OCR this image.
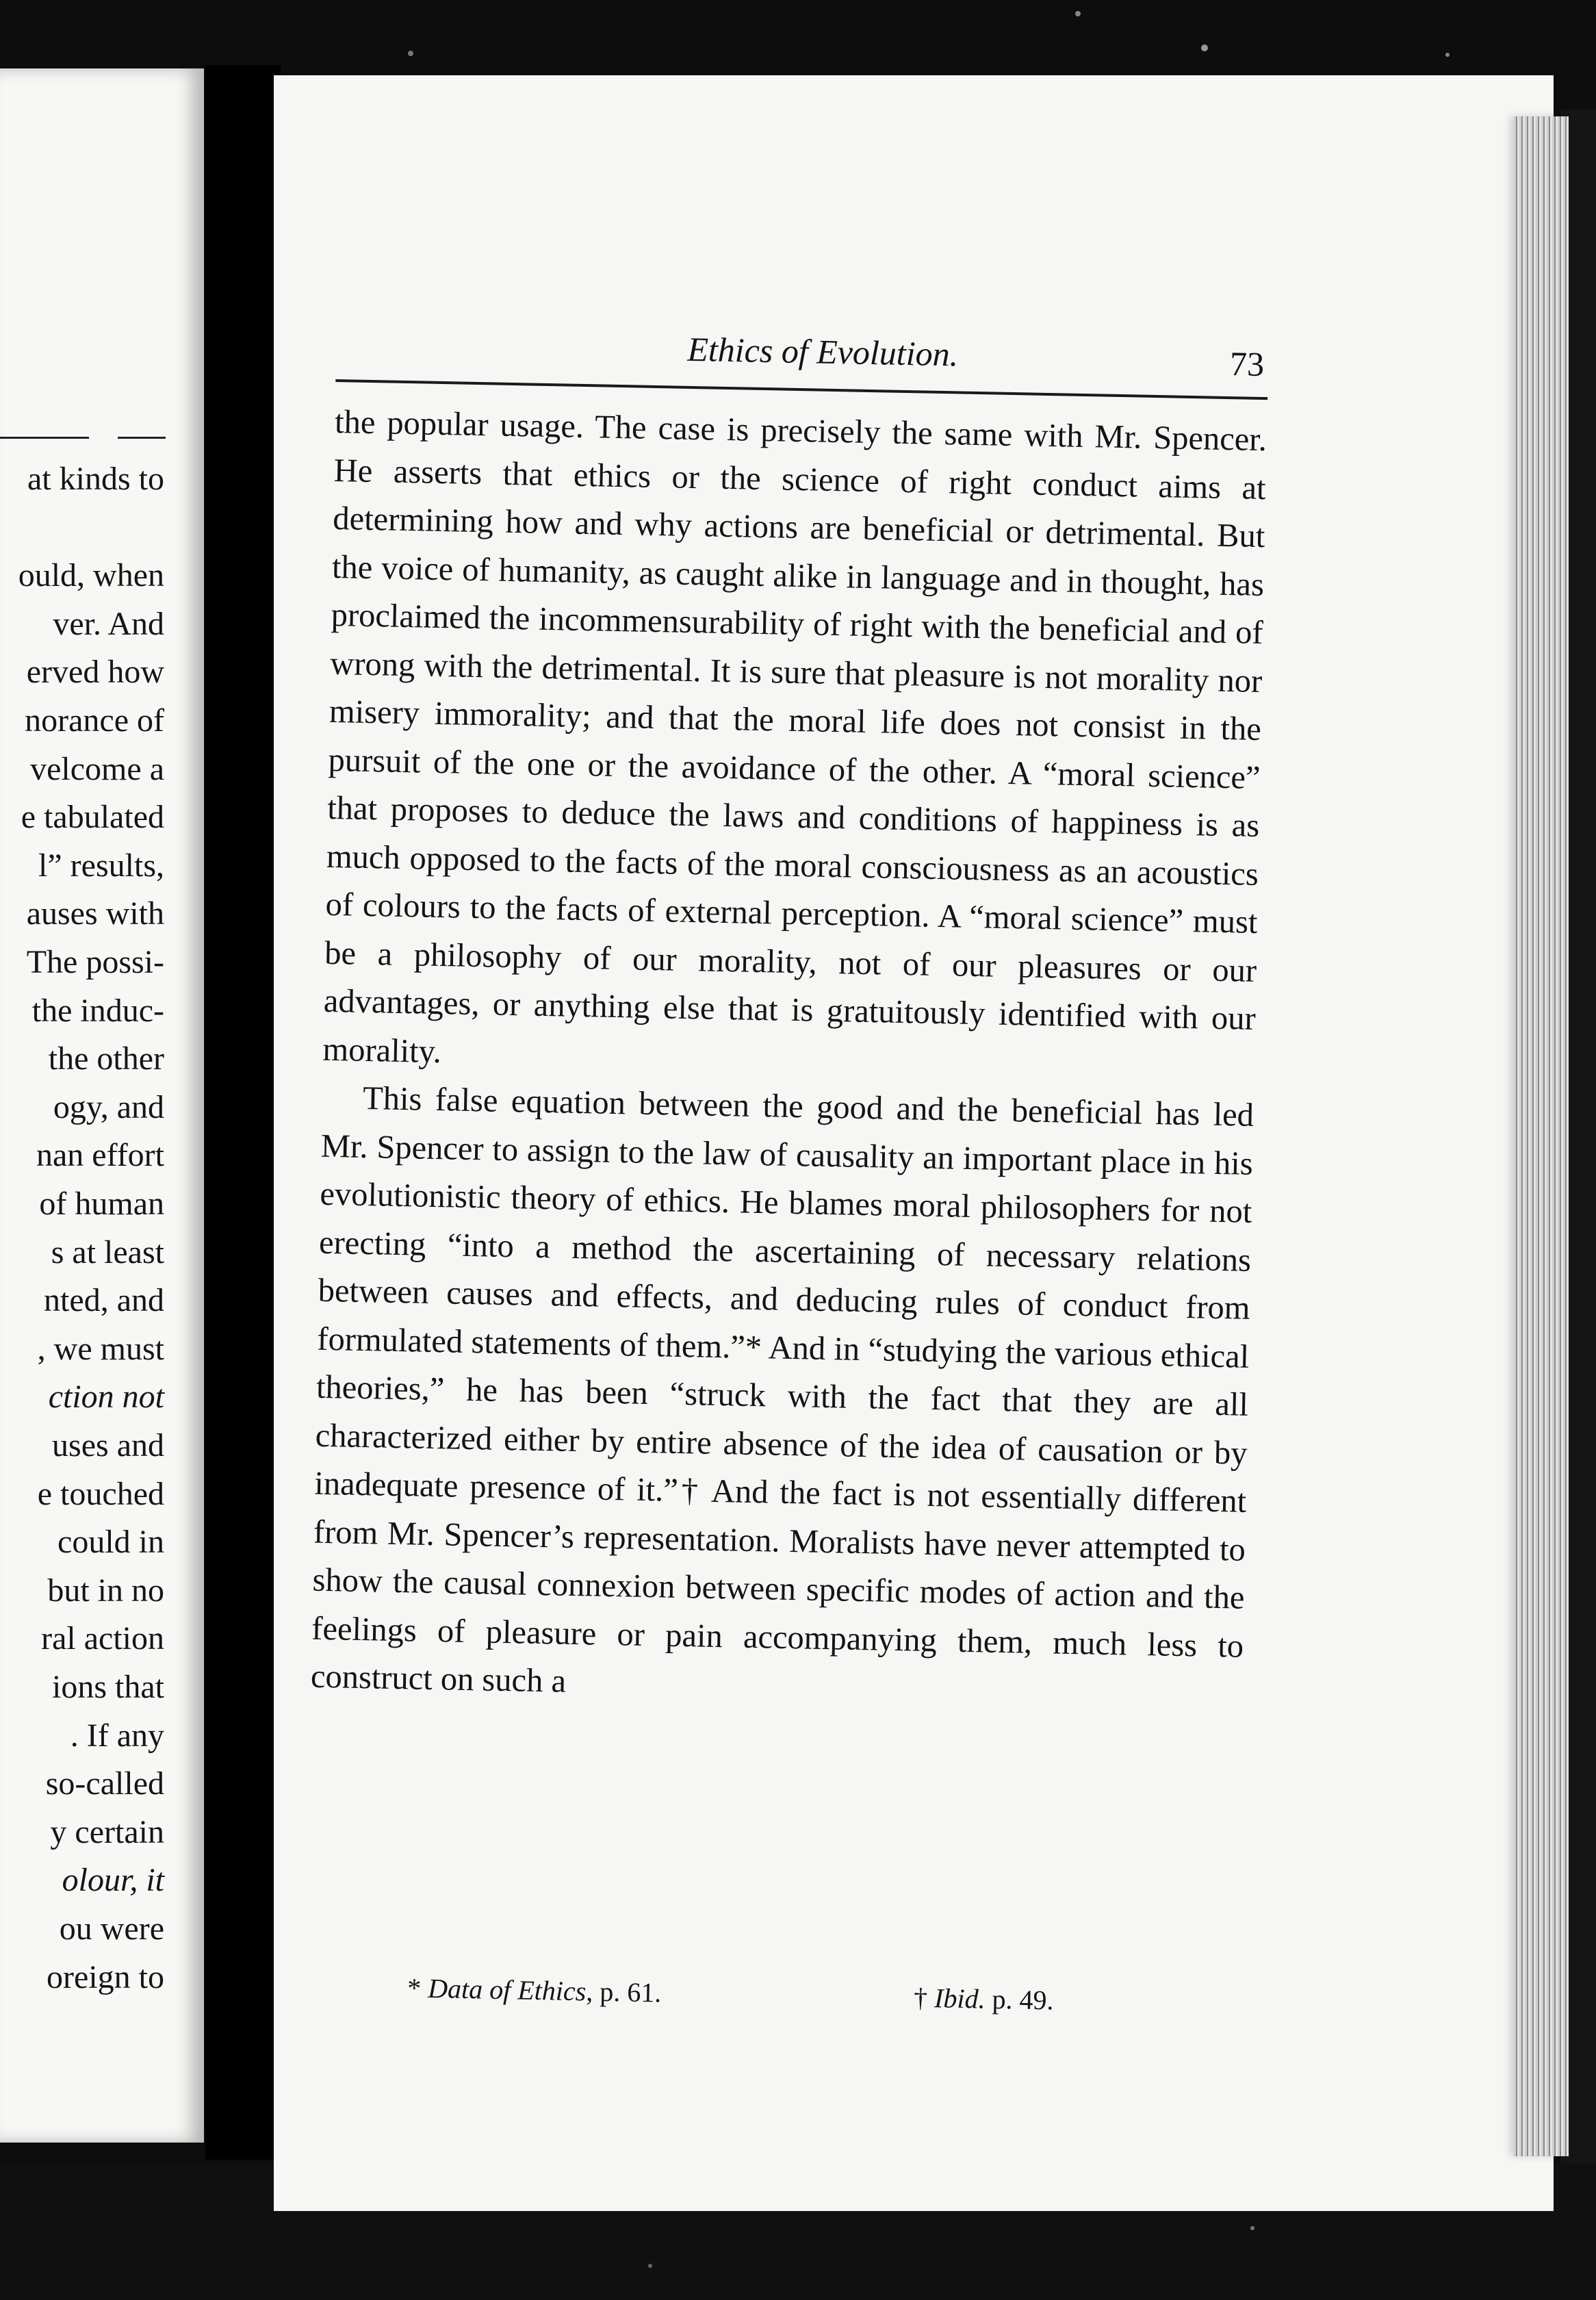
at kinds to
ould, when
ver. And
erved how
norance of
velcome a
e tabulated
l” results,
auses with
The possi-
the induc-
the other
ogy, and
nan effort
of human
s at least
nted, and
, we must
ction not
uses and
e touched
could in
but in no
ral action
ions that
. If any
so-called
y certain
olour, it
ou were
oreign to
Ethics of Evolution.	73

the popular usage. The case is precisely the same with Mr. Spencer. He asserts that ethics or the science of right conduct aims at determining how and why actions are beneficial or detrimental. But the voice of humanity, as caught alike in language and in thought, has proclaimed the incommensurability of right with the beneficial and of wrong with the detrimental. It is sure that pleasure is not morality nor misery immorality; and that the moral life does not consist in the pursuit of the one or the avoidance of the other. A “moral science” that proposes to deduce the laws and conditions of happiness is as much opposed to the facts of the moral consciousness as an acoustics of colours to the facts of external perception. A “moral science” must be a philosophy of our morality, not of our pleasures or our advantages, or anything else that is gratuitously identified with our morality.

This false equation between the good and the beneficial has led Mr. Spencer to assign to the law of causality an important place in his evolutionistic theory of ethics. He blames moral philosophers for not erecting “into a method the ascertaining of necessary relations between causes and effects, and deducing rules of conduct from formulated statements of them.”* And in “studying the various ethical theories,” he has been “struck with the fact that they are all characterized either by entire absence of the idea of causation or by inadequate presence of it.”† And the fact is not essentially different from Mr. Spencer’s representation. Moralists have never attempted to show the causal connexion between specific modes of action and the feelings of pleasure or pain accompanying them, much less to construct on such a

* Data of Ethics, p. 61.	† Ibid. p. 49.
